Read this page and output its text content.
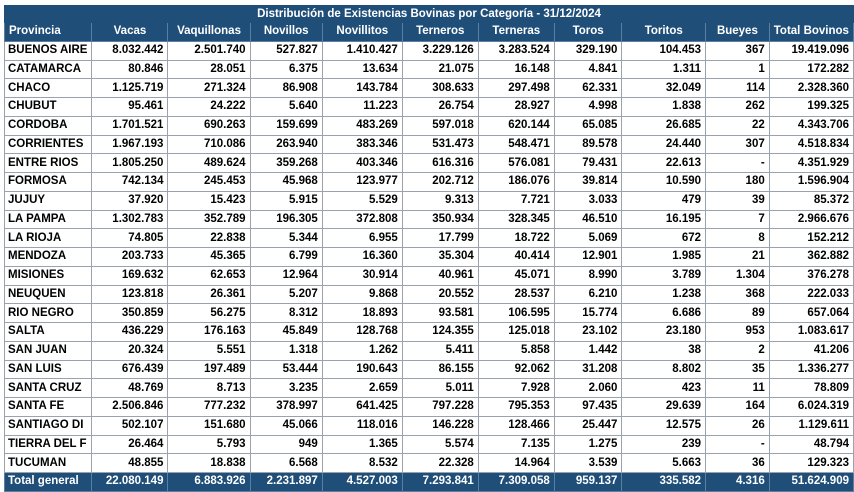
Distribución de Existencias Bovinas por Categoría - 31/12/2024										
Provincia	Vacas	Vaquillonas	Novillos	Novillitos	Terneros	Terneras	Toros	Toritos	Bueyes	Total Bovinos
BUENOS AIRE	8.032.442	2.501.740	527.827	1.410.427	3.229.126	3.283.524	329.190	104.453	367	19.419.096
CATAMARCA	80.846	28.051	6.375	13.634	21.075	16.148	4.841	1.311	1	172.282
CHACO	1.125.719	271.324	86.908	143.784	308.633	297.498	62.331	32.049	114	2.328.360
CHUBUT	95.461	24.222	5.640	11.223	26.754	28.927	4.998	1.838	262	199.325
CORDOBA	1.701.521	690.263	159.699	483.269	597.018	620.144	65.085	26.685	22	4.343.706
CORRIENTES	1.967.193	710.086	263.940	383.346	531.473	548.471	89.578	24.440	307	4.518.834
ENTRE RIOS	1.805.250	489.624	359.268	403.346	616.316	576.081	79.431	22.613	-	4.351.929
FORMOSA	742.134	245.453	45.968	123.977	202.712	186.076	39.814	10.590	180	1.596.904
JUJUY	37.920	15.423	5.915	5.529	9.313	7.721	3.033	479	39	85.372
LA PAMPA	1.302.783	352.789	196.305	372.808	350.934	328.345	46.510	16.195	7	2.966.676
LA RIOJA	74.805	22.838	5.344	6.955	17.799	18.722	5.069	672	8	152.212
MENDOZA	203.733	45.365	6.799	16.360	35.304	40.414	12.901	1.985	21	362.882
MISIONES	169.632	62.653	12.964	30.914	40.961	45.071	8.990	3.789	1.304	376.278
NEUQUEN	123.818	26.361	5.207	9.868	20.552	28.537	6.210	1.238	368	222.033
RIO NEGRO	350.859	56.275	8.312	18.893	93.581	106.595	15.774	6.686	89	657.064
SALTA	436.229	176.163	45.849	128.768	124.355	125.018	23.102	23.180	953	1.083.617
SAN JUAN	20.324	5.551	1.318	1.262	5.411	5.858	1.442	38	2	41.206
SAN LUIS	676.439	197.489	53.444	190.643	86.155	92.062	31.208	8.802	35	1.336.277
SANTA CRUZ	48.769	8.713	3.235	2.659	5.011	7.928	2.060	423	11	78.809
SANTA FE	2.506.846	777.232	378.997	641.425	797.228	795.353	97.435	29.639	164	6.024.319
SANTIAGO DI	502.107	151.680	45.066	118.016	146.228	128.466	25.447	12.575	26	1.129.611
TIERRA DEL F	26.464	5.793	949	1.365	5.574	7.135	1.275	239	-	48.794
TUCUMAN	48.855	18.838	6.568	8.532	22.328	14.964	3.539	5.663	36	129.323
Total general	22.080.149	6.883.926	2.231.897	4.527.003	7.293.841	7.309.058	959.137	335.582	4.316	51.624.909
